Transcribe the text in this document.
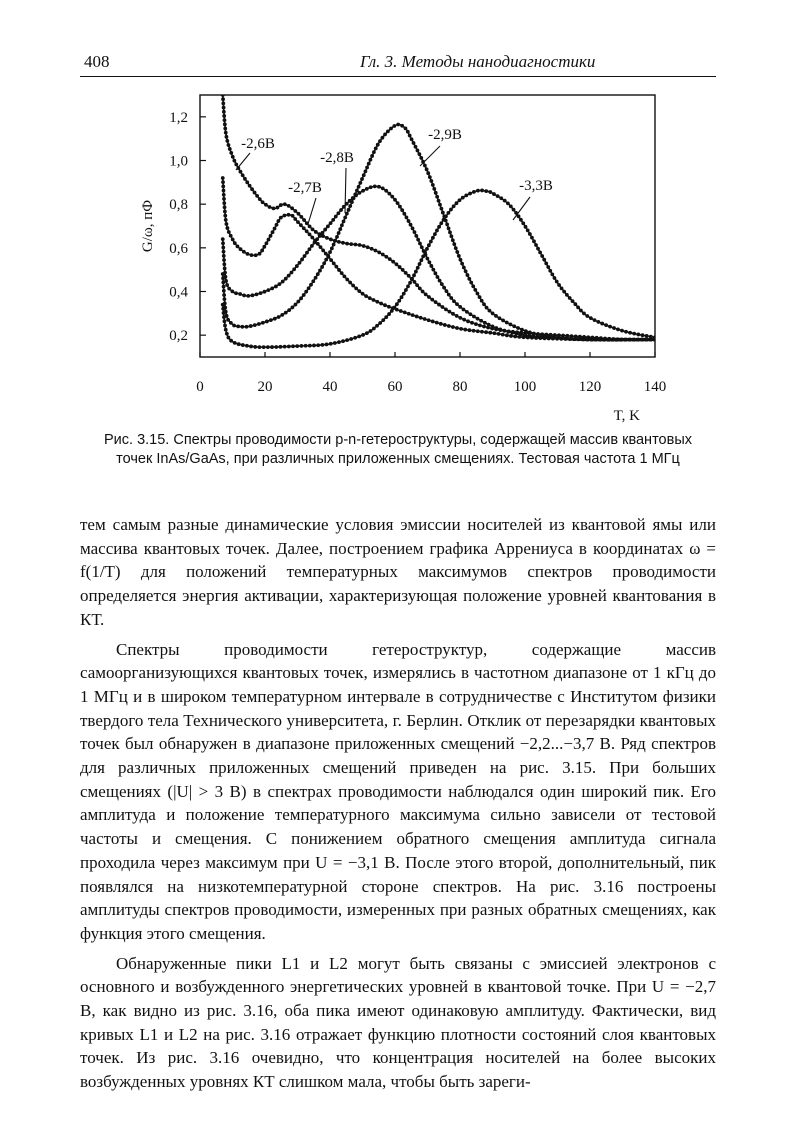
408	Гл. 3. Методы нанодиагностики
0	20	40	60	80	100	120	140
0,2
0,4
0,6
0,8
1,0
1,2
-2,6В
-2,7В
-2,8В
-2,9В
-3,3В
G/ω, пФ
T, K
Рис. 3.15. Спектры проводимости p-n-гетероструктуры, содержащей массив квантовых точек InAs/GaAs, при различных приложенных смещениях. Тестовая частота 1 МГц

тем самым разные динамические условия эмиссии носителей из квантовой ямы или массива квантовых точек. Далее, построением графика Аррениуса в координатах ω = f(1/T) для положений температурных максимумов спектров проводимости определяется энергия активации, характеризующая положение уровней квантования в КТ.

Спектры проводимости гетероструктур, содержащие массив самоорганизующихся квантовых точек, измерялись в частотном диапазоне от 1 кГц до 1 МГц и в широком температурном интервале в сотрудничестве с Институтом физики твердого тела Технического университета, г. Берлин. Отклик от перезарядки квантовых точек был обнаружен в диапазоне приложенных смещений −2,2...−3,7 В. Ряд спектров для различных приложенных смещений приведен на рис. 3.15. При больших смещениях (|U| > 3 В) в спектрах проводимости наблюдался один широкий пик. Его амплитуда и положение температурного максимума сильно зависели от тестовой частоты и смещения. С понижением обратного смещения амплитуда сигнала проходила через максимум при U = −3,1 В. После этого второй, дополнительный, пик появлялся на низкотемпературной стороне спектров. На рис. 3.16 построены амплитуды спектров проводимости, измеренных при разных обратных смещениях, как функция этого смещения.

Обнаруженные пики L1 и L2 могут быть связаны с эмиссией электронов с основного и возбужденного энергетических уровней в квантовой точке. При U = −2,7 В, как видно из рис. 3.16, оба пика имеют одинаковую амплитуду. Фактически, вид кривых L1 и L2 на рис. 3.16 отражает функцию плотности состояний слоя квантовых точек. Из рис. 3.16 очевидно, что концентрация носителей на более высоких возбужденных уровнях КТ слишком мала, чтобы быть зареги-
